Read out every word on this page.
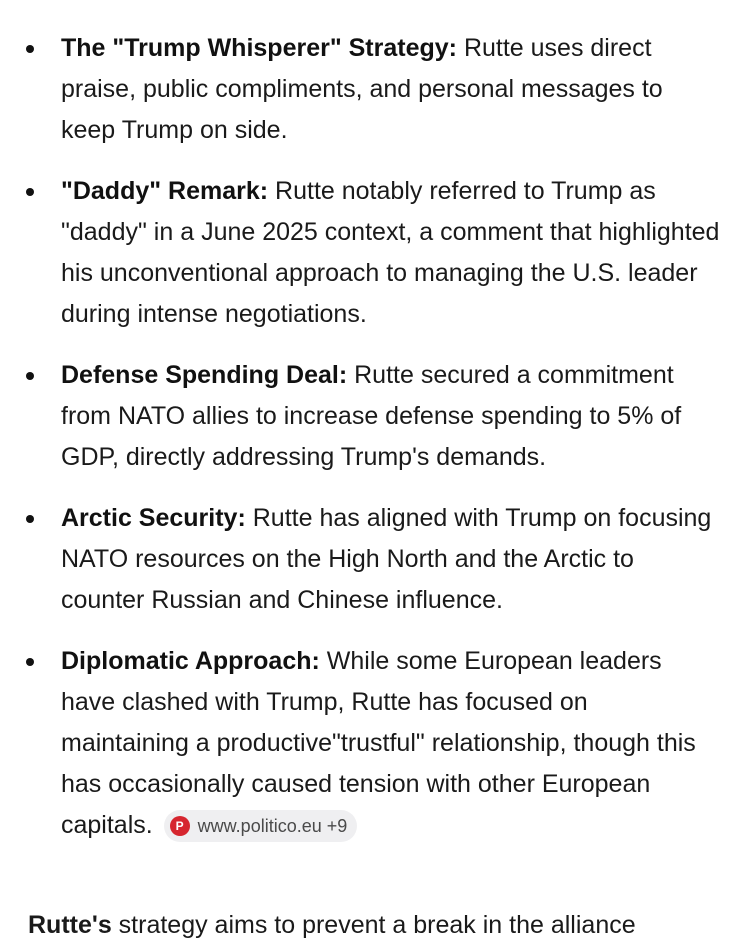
The "Trump Whisperer" Strategy: Rutte uses direct praise, public compliments, and personal messages to keep Trump on side.
"Daddy" Remark: Rutte notably referred to Trump as "daddy" in a June 2025 context, a comment that highlighted his unconventional approach to managing the U.S. leader during intense negotiations.
Defense Spending Deal: Rutte secured a commitment from NATO allies to increase defense spending to 5% of GDP, directly addressing Trump's demands.
Arctic Security: Rutte has aligned with Trump on focusing NATO resources on the High North and the Arctic to counter Russian and Chinese influence.
Diplomatic Approach: While some European leaders have clashed with Trump, Rutte has focused on maintaining a productive"trustful" relationship, though this has occasionally caused tension with other European capitals.	P www.politico.eu
+9
Rutte's strategy aims to prevent a break in the alliance
